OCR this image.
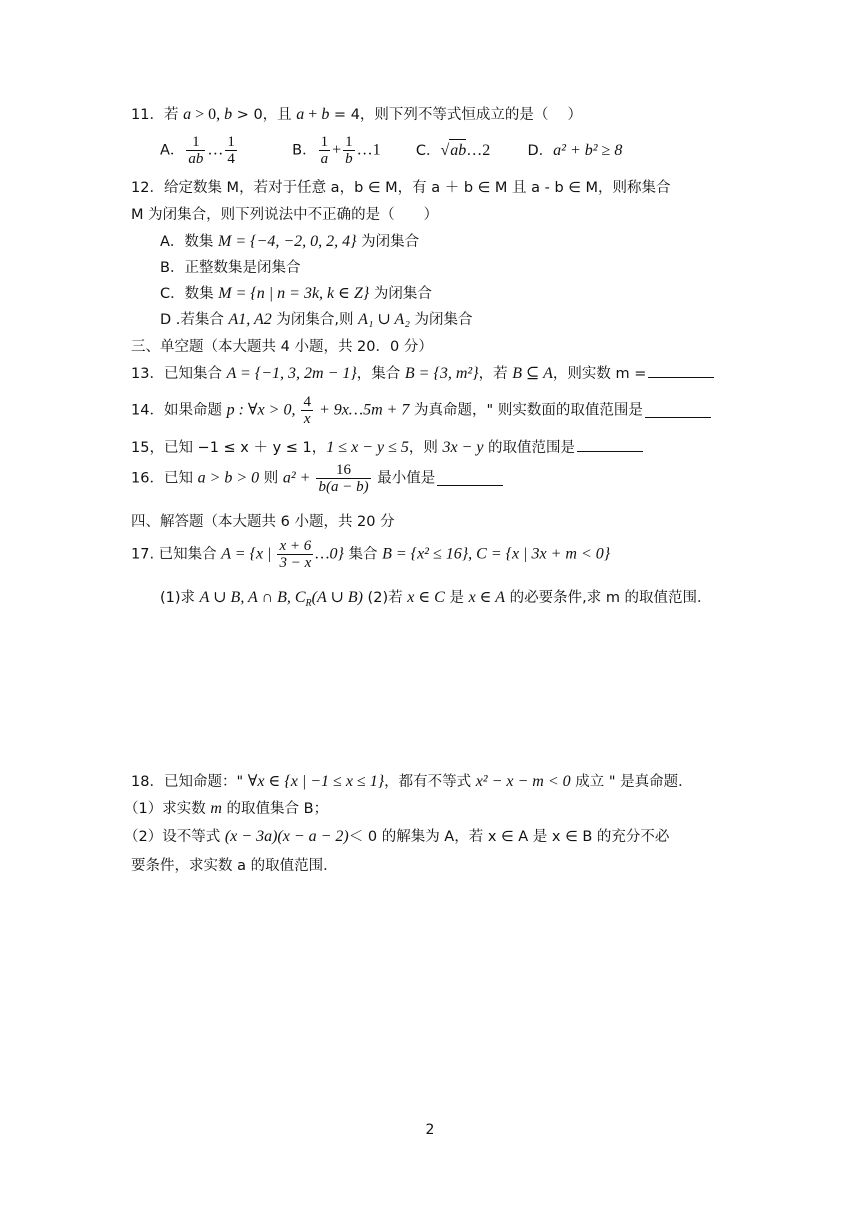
11．若 a > 0, b > 0，且 a + b = 4，则下列不等式恒成立的是（　 ）
A． $\frac{1}{ab}$ … $\frac{1}{4}$	B． $\frac{1}{a} + \frac{1}{b}$ …1 C．√ab…2	D．a² + b² ≥ 8
12．给定数集 M，若对于任意 a，b ∈ M，有 a ＋ b ∈ M 且 a - b ∈ M，则称集合
M 为闭集合，则下列说法中不正确的是（　　）
A．数集 M = {−4, −2, 0, 2, 4} 为闭集合
B．正整数集是闭集合
C．数集 M = {n | n = 3k, k ∈ Z} 为闭集合
D .若集合 A1, A2 为闭集合,则 A₁ ∪ A₂ 为闭集合
三、单空题（本大题共 4 小题，共 20．0 分）
13．已知集合 A = {−1, 3, 2m − 1}，集合 B = {3, m²}，若 B ⊆ A，则实数 m =
14．如果命题 p : ∀x > 0, $\frac{4}{x}$ + 9x…5m + 7 为真命题，" 则实数面的取值范围是
15，已知 −1 ≤ x ＋ y ≤ 1，1 ≤ x − y ≤ 5，则 3x − y 的取值范围是
16．已知 a > b > 0 则 $a^2 + \frac{16}{b(a - b)}$ 最小值是
四、解答题（本大题共 6 小题，共 20 分
17. 已知集合 A = {x | $\frac{x + 6}{3 - x}$ …0} 集合 B = {x² ≤ 16}, C = {x | 3x + m < 0}
(1)求 A ∪ B, A ∩ B, $C_R(A$ ∪ B) (2)若 x ∈ C 是 x ∈ A 的必要条件,求 m 的取值范围．
18．已知命题：" ∀x ∈ {x | −1 ≤ x ≤ 1}，都有不等式 x² − x − m < 0 成立 " 是真命题．
（1）求实数 m 的取值集合 B；
（2）设不等式 (x − 3a)(x − a − 2)＜ 0 的解集为 A，若 x ∈ A 是 x ∈ B 的充分不必
要条件，求实数 a 的取值范围．
2
